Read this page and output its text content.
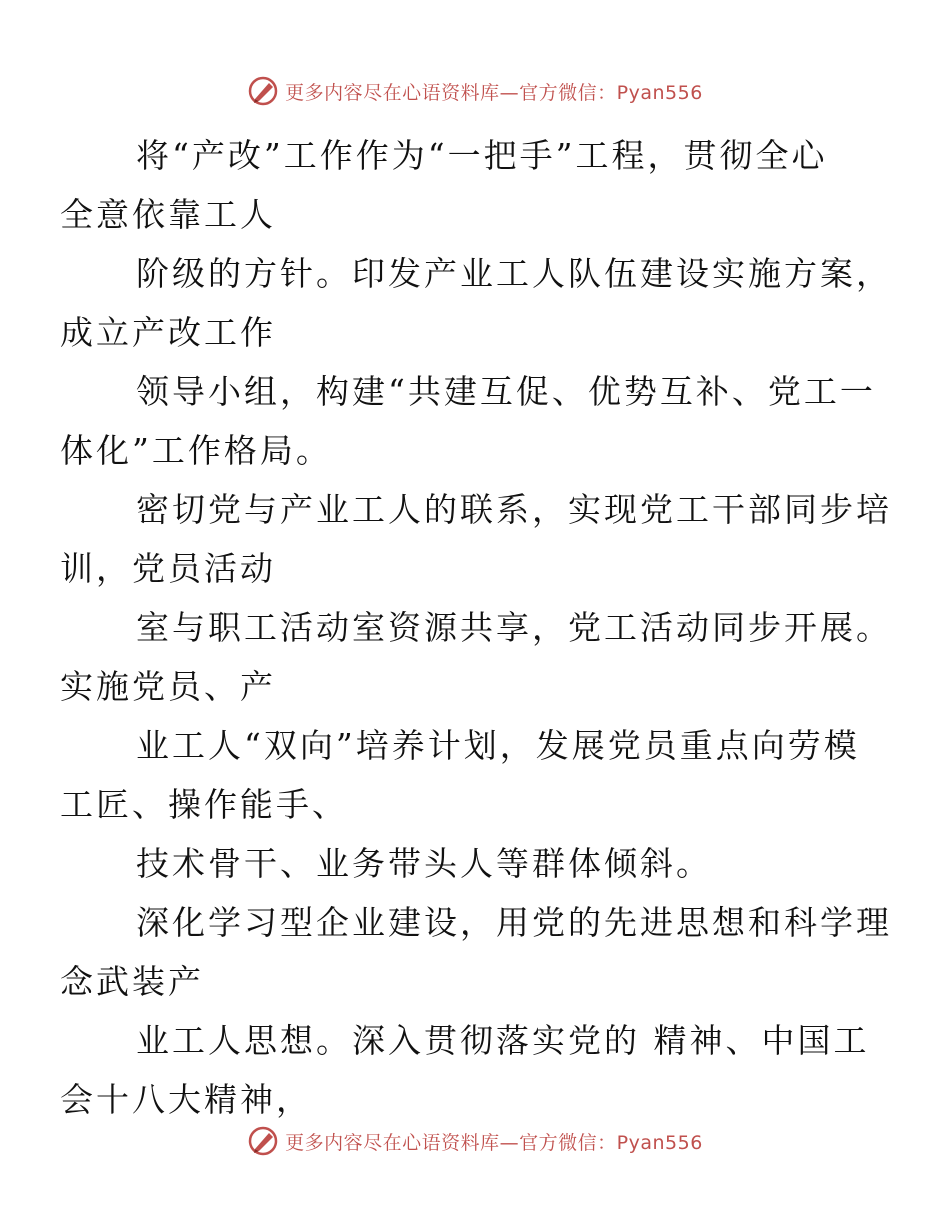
更多内容尽在心语资料库—官方微信：Pyan556

将“产改”工作作为“一把手”工程，贯彻全心
全意依靠工人

阶级的方针。印发产业工人队伍建设实施方案，
成立产改工作

领导小组，构建“共建互促、优势互补、党工一
体化”工作格局。

密切党与产业工人的联系，实现党工干部同步培
训，党员活动

室与职工活动室资源共享，党工活动同步开展。
实施党员、产

业工人“双向”培养计划，发展党员重点向劳模
工匠、操作能手、

技术骨干、业务带头人等群体倾斜。

深化学习型企业建设，用党的先进思想和科学理
念武装产

业工人思想。深入贯彻落实党的 精神、中国工
会十八大精神，

更多内容尽在心语资料库—官方微信：Pyan556
